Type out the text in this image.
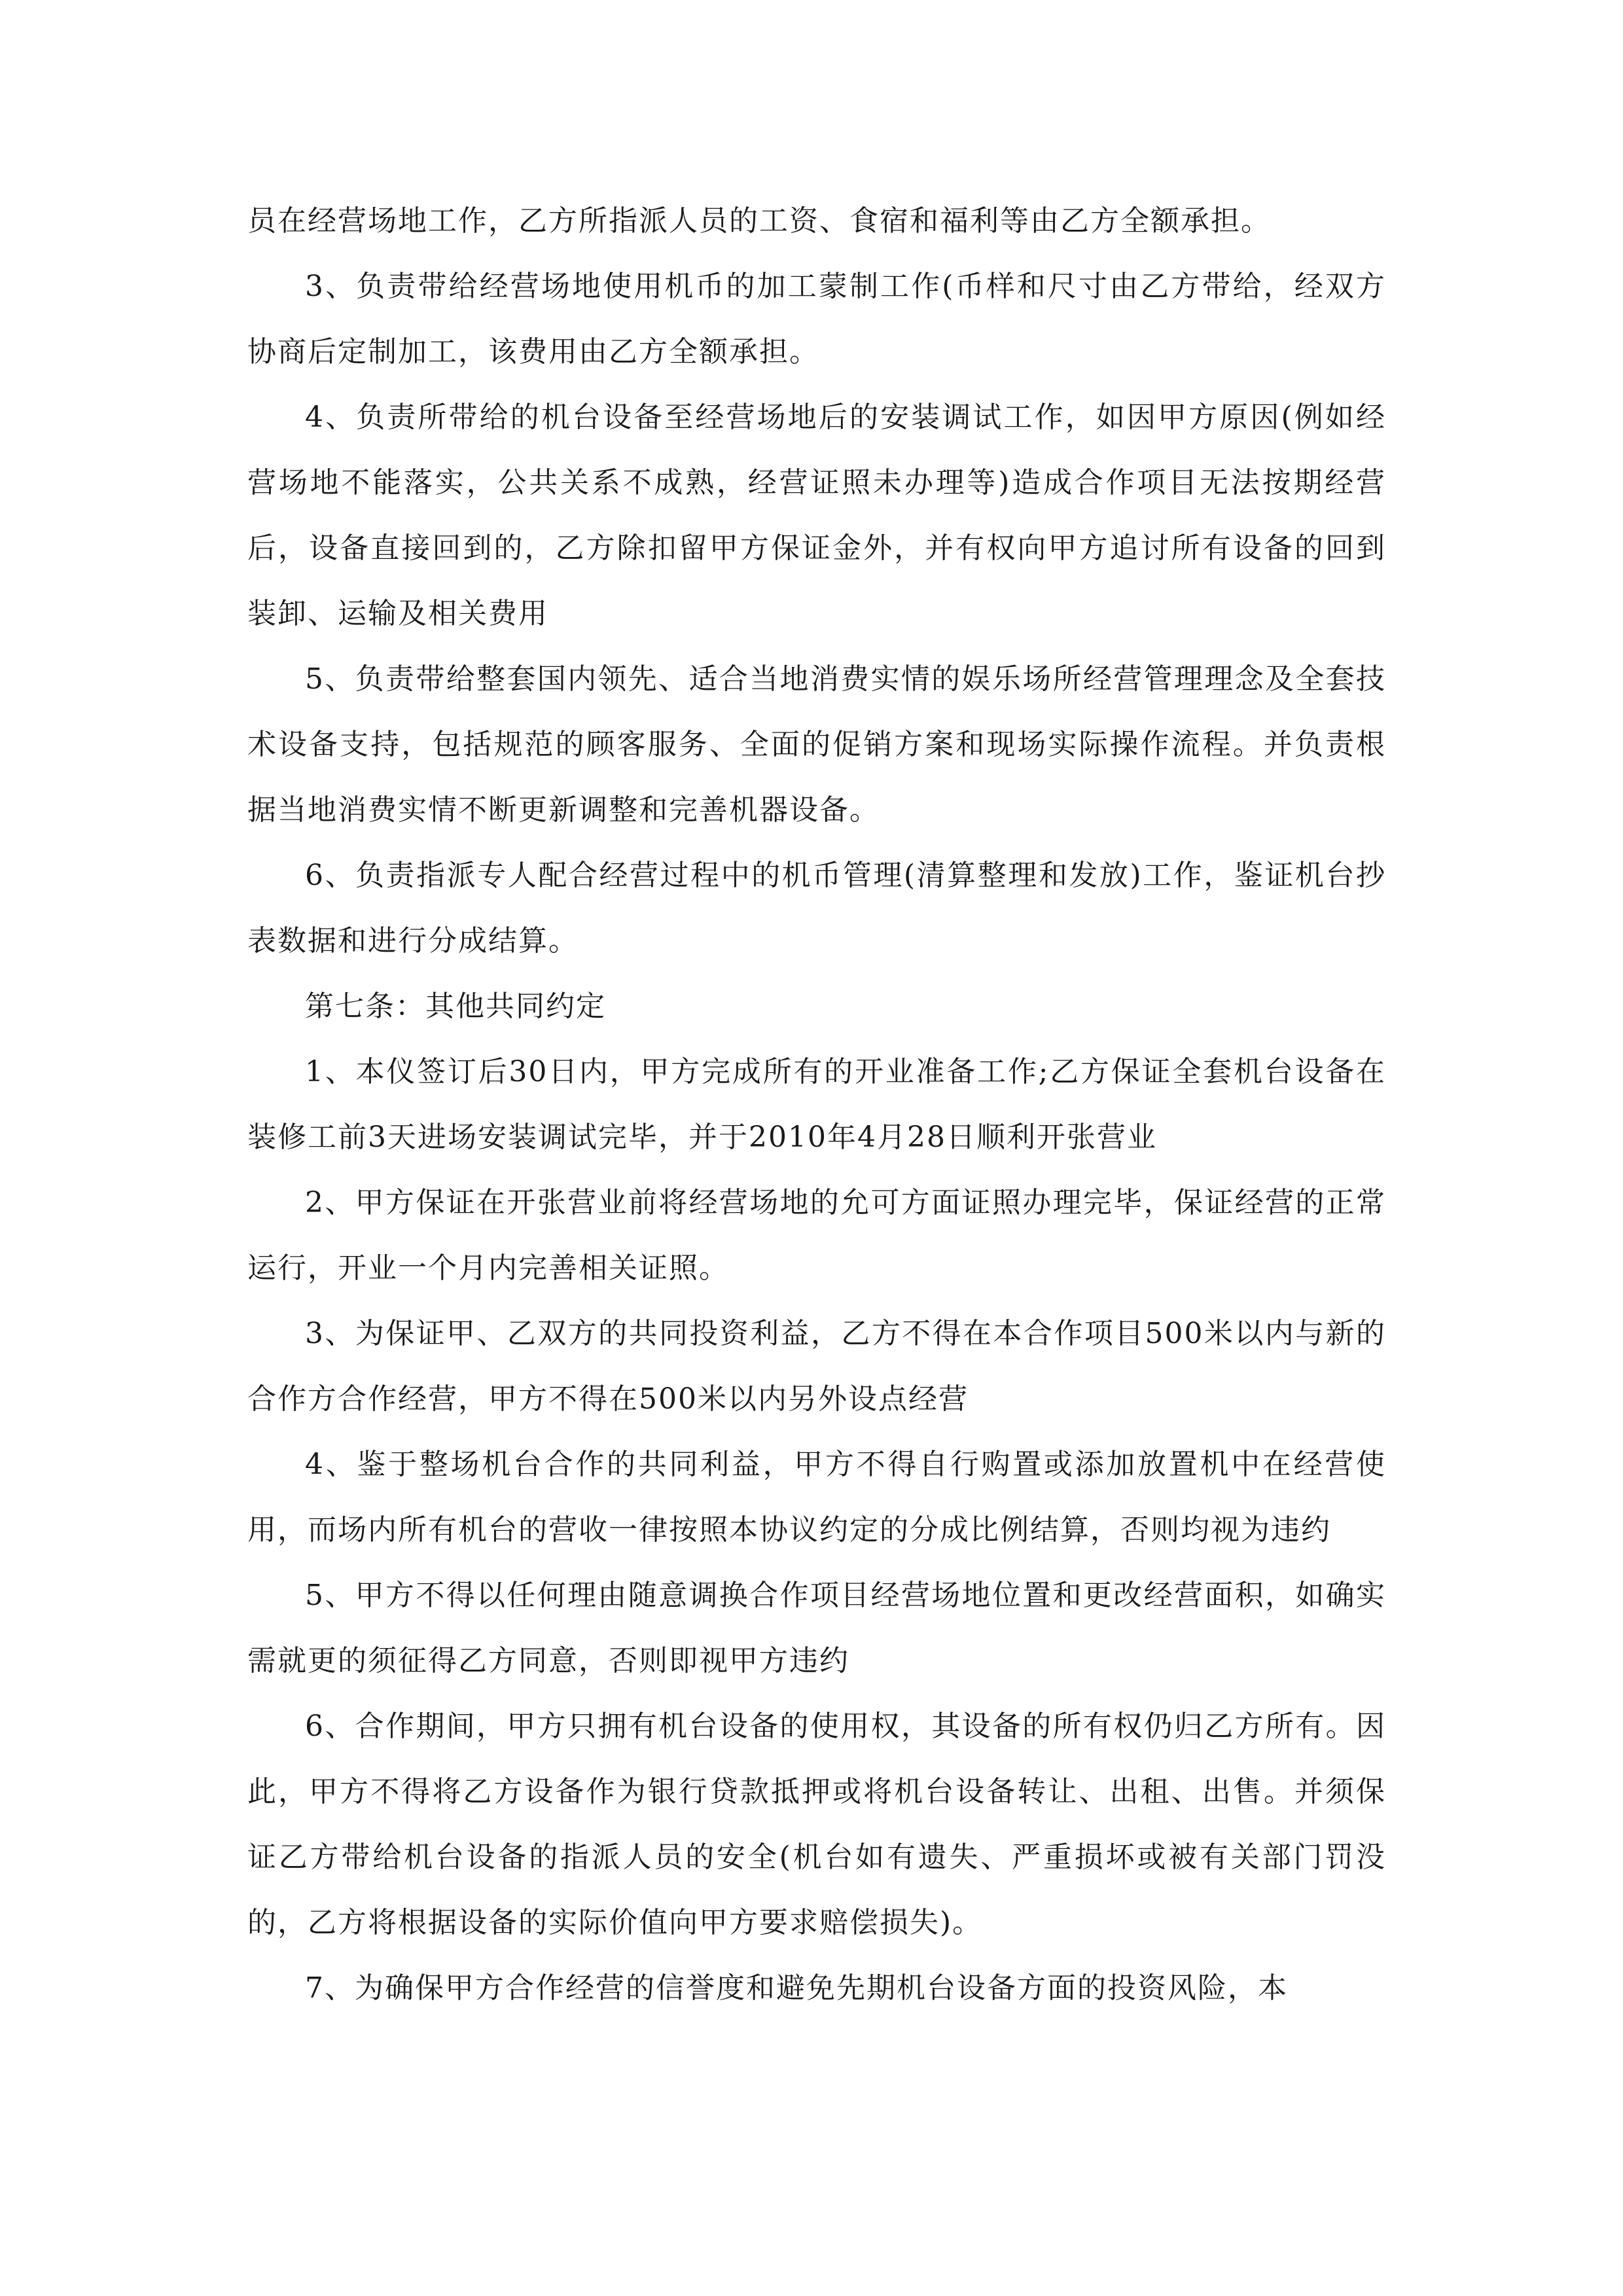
员在经营场地工作，乙方所指派人员的工资、食宿和福利等由乙方全额承担。

3、负责带给经营场地使用机币的加工蒙制工作(币样和尺寸由乙方带给，经双方协商后定制加工，该费用由乙方全额承担。

4、负责所带给的机台设备至经营场地后的安装调试工作，如因甲方原因(例如经营场地不能落实，公共关系不成熟，经营证照未办理等)造成合作项目无法按期经营后，设备直接回到的，乙方除扣留甲方保证金外，并有权向甲方追讨所有设备的回到装卸、运输及相关费用

5、负责带给整套国内领先、适合当地消费实情的娱乐场所经营管理理念及全套技术设备支持，包括规范的顾客服务、全面的促销方案和现场实际操作流程。并负责根据当地消费实情不断更新调整和完善机器设备。

6、负责指派专人配合经营过程中的机币管理(清算整理和发放)工作，鉴证机台抄表数据和进行分成结算。

第七条：其他共同约定

1、本仪签订后30日内，甲方完成所有的开业准备工作;乙方保证全套机台设备在装修工前3天进场安装调试完毕，并于2010年4月28日顺利开张营业

2、甲方保证在开张营业前将经营场地的允可方面证照办理完毕，保证经营的正常运行，开业一个月内完善相关证照。

3、为保证甲、乙双方的共同投资利益，乙方不得在本合作项目500米以内与新的合作方合作经营，甲方不得在500米以内另外设点经营

4、鉴于整场机台合作的共同利益，甲方不得自行购置或添加放置机中在经营使用，而场内所有机台的营收一律按照本协议约定的分成比例结算，否则均视为违约

5、甲方不得以任何理由随意调换合作项目经营场地位置和更改经营面积，如确实需就更的须征得乙方同意，否则即视甲方违约

6、合作期间，甲方只拥有机台设备的使用权，其设备的所有权仍归乙方所有。因此，甲方不得将乙方设备作为银行贷款抵押或将机台设备转让、出租、出售。并须保证乙方带给机台设备的指派人员的安全(机台如有遗失、严重损坏或被有关部门罚没的，乙方将根据设备的实际价值向甲方要求赔偿损失)。

7、为确保甲方合作经营的信誉度和避免先期机台设备方面的投资风险，本
